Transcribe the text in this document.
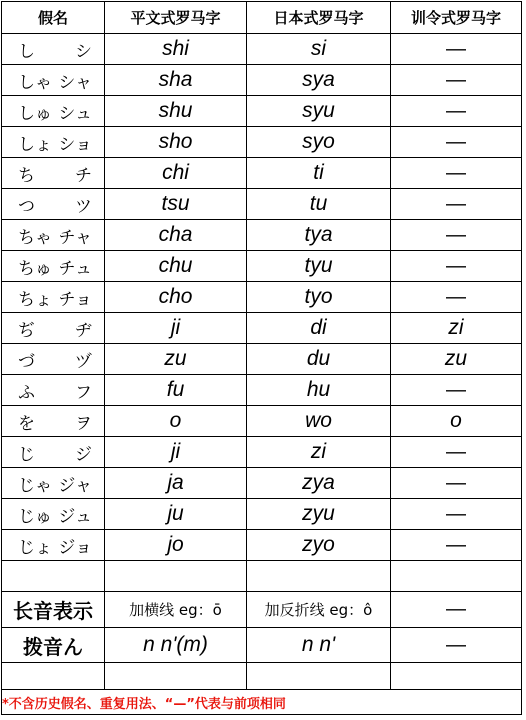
假名	平文式罗马字	日本式罗马字	训令式罗马字

し シ	shi	si	—

しゃ シャ	sha	sya	—

しゅ シュ	shu	syu	—

しょ ショ	sho	syo	—

ち チ	chi	ti	—

つ ツ	tsu	tu	—

ちゃ チャ	cha	tya	—

ちゅ チュ	chu	tyu	—

ちょ チョ	cho	tyo	—

ぢ ヂ	ji	di	zi

づ ヅ	zu	du	zu

ふ フ	fu	hu	—

を ヲ	o	wo	o

じ ジ	ji	zi	—

じゃ ジャ	ja	zya	—

じゅ ジュ	ju	zyu	—

じょ ジョ	jo	zyo	—

长音表示	加横线 eg：ō	加反折线 eg：ô	—
拨音ん	n n'(m)	n n'	—

*不含历史假名、重复用法、“—”代表与前项相同			
